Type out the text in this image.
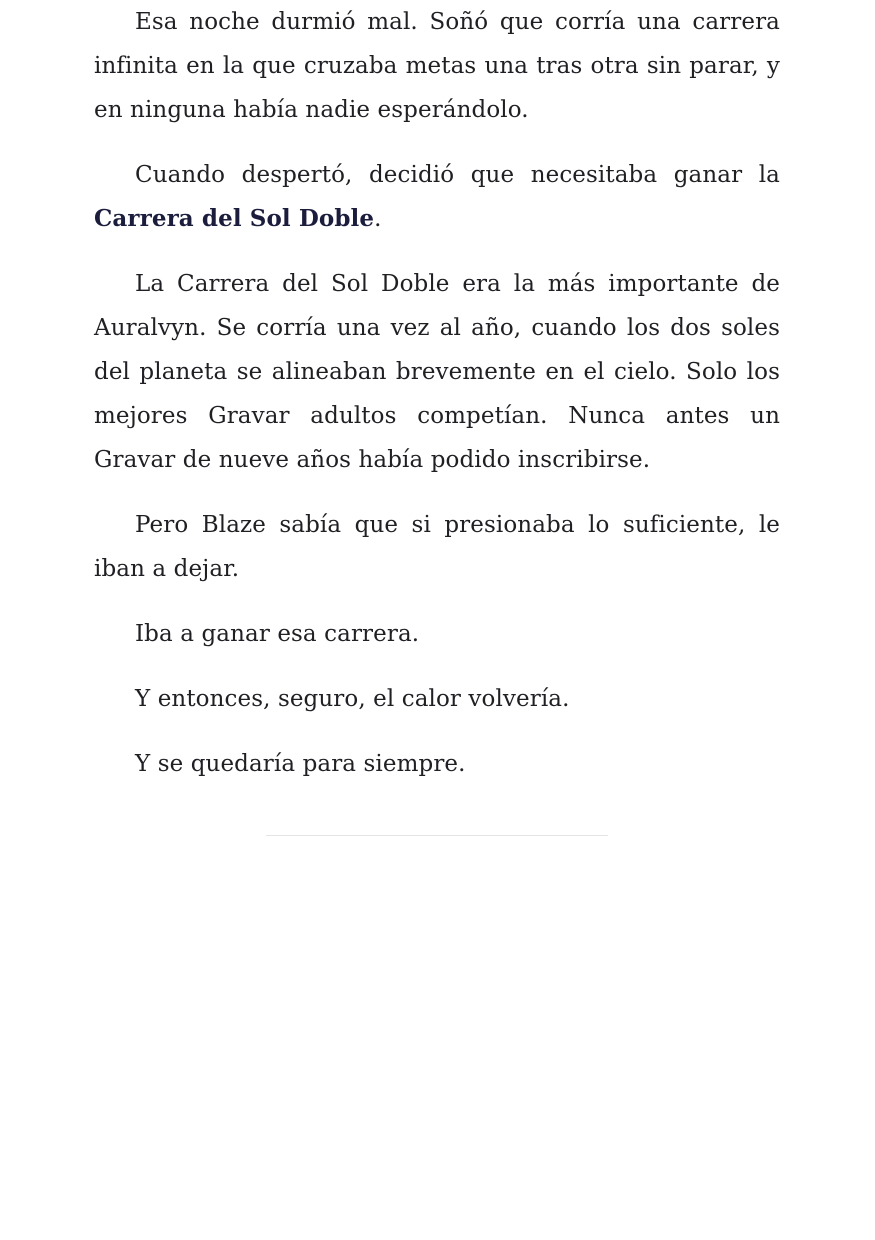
Esa noche durmió mal. Soñó que corría una carrera infinita en la que cruzaba metas una tras otra sin parar, y en ninguna había nadie esperándolo.

Cuando despertó, decidió que necesitaba ganar la Carrera del Sol Doble.

La Carrera del Sol Doble era la más importante de Auralvyn. Se corría una vez al año, cuando los dos soles del planeta se alineaban brevemente en el cielo. Solo los mejores Gravar adultos competían. Nunca antes un Gravar de nueve años había podido inscribirse.

Pero Blaze sabía que si presionaba lo suficiente, le iban a dejar.

Iba a ganar esa carrera.

Y entonces, seguro, el calor volvería.

Y se quedaría para siempre.
